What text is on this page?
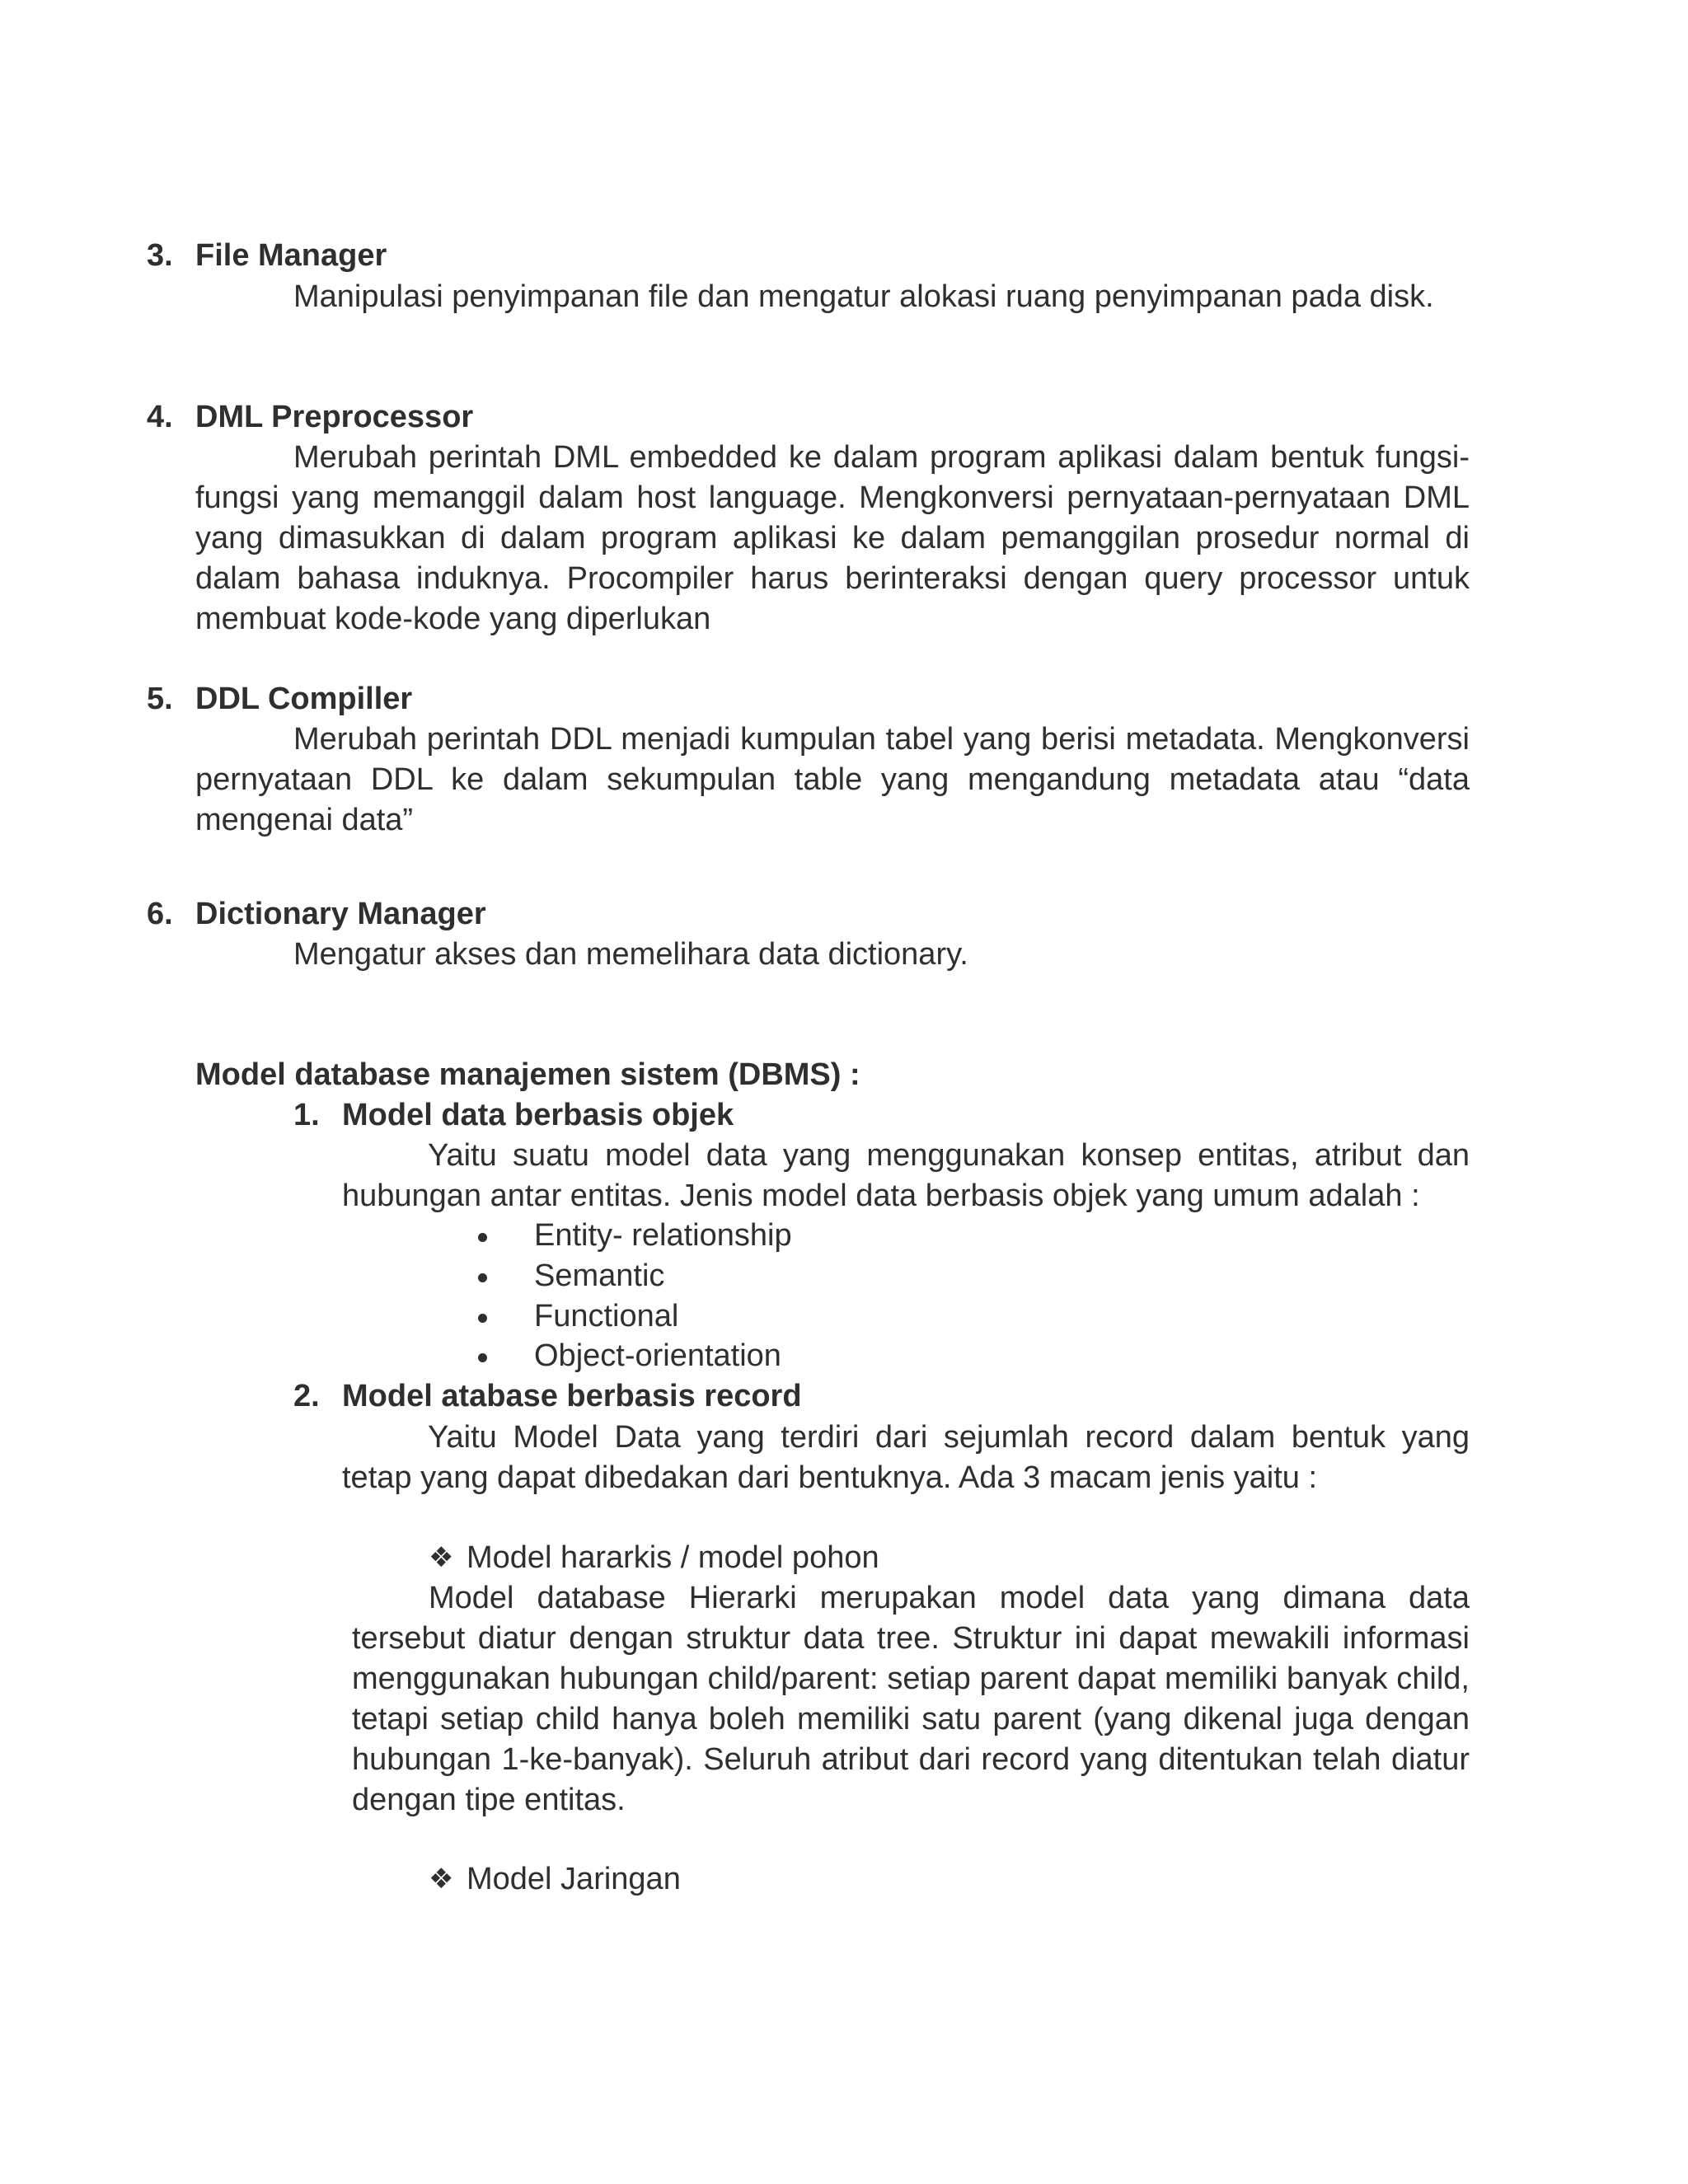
3. File Manager
Manipulasi penyimpanan file dan mengatur alokasi ruang penyimpanan pada disk.
4. DML Preprocessor
Merubah perintah DML embedded ke dalam program aplikasi dalam bentuk fungsi-fungsi yang memanggil dalam host language. Mengkonversi pernyataan-pernyataan DML yang dimasukkan di dalam program aplikasi ke dalam pemanggilan prosedur normal di dalam bahasa induknya. Procompiler harus berinteraksi dengan query processor untuk membuat kode-kode yang diperlukan
5. DDL Compiller
Merubah perintah DDL menjadi kumpulan tabel yang berisi metadata. Mengkonversi pernyataan DDL ke dalam sekumpulan table yang mengandung metadata atau “data mengenai data”
6. Dictionary Manager
Mengatur akses dan memelihara data dictionary.
Model database manajemen sistem (DBMS) :
1. Model data berbasis objek
Yaitu suatu model data yang menggunakan konsep entitas, atribut dan hubungan antar entitas. Jenis model data berbasis objek yang umum adalah :
Entity- relationship
Semantic
Functional
Object-orientation
2. Model atabase berbasis record
Yaitu Model Data yang terdiri dari sejumlah record dalam bentuk yang tetap yang dapat dibedakan dari bentuknya. Ada 3 macam jenis yaitu :
❖ Model hararkis / model pohon
Model database Hierarki merupakan model data yang dimana data tersebut diatur dengan struktur data tree. Struktur ini dapat mewakili informasi menggunakan hubungan child/parent: setiap parent dapat memiliki banyak child, tetapi setiap child hanya boleh memiliki satu parent (yang dikenal juga dengan hubungan 1-ke-banyak). Seluruh atribut dari record yang ditentukan telah diatur dengan tipe entitas.
❖ Model Jaringan
